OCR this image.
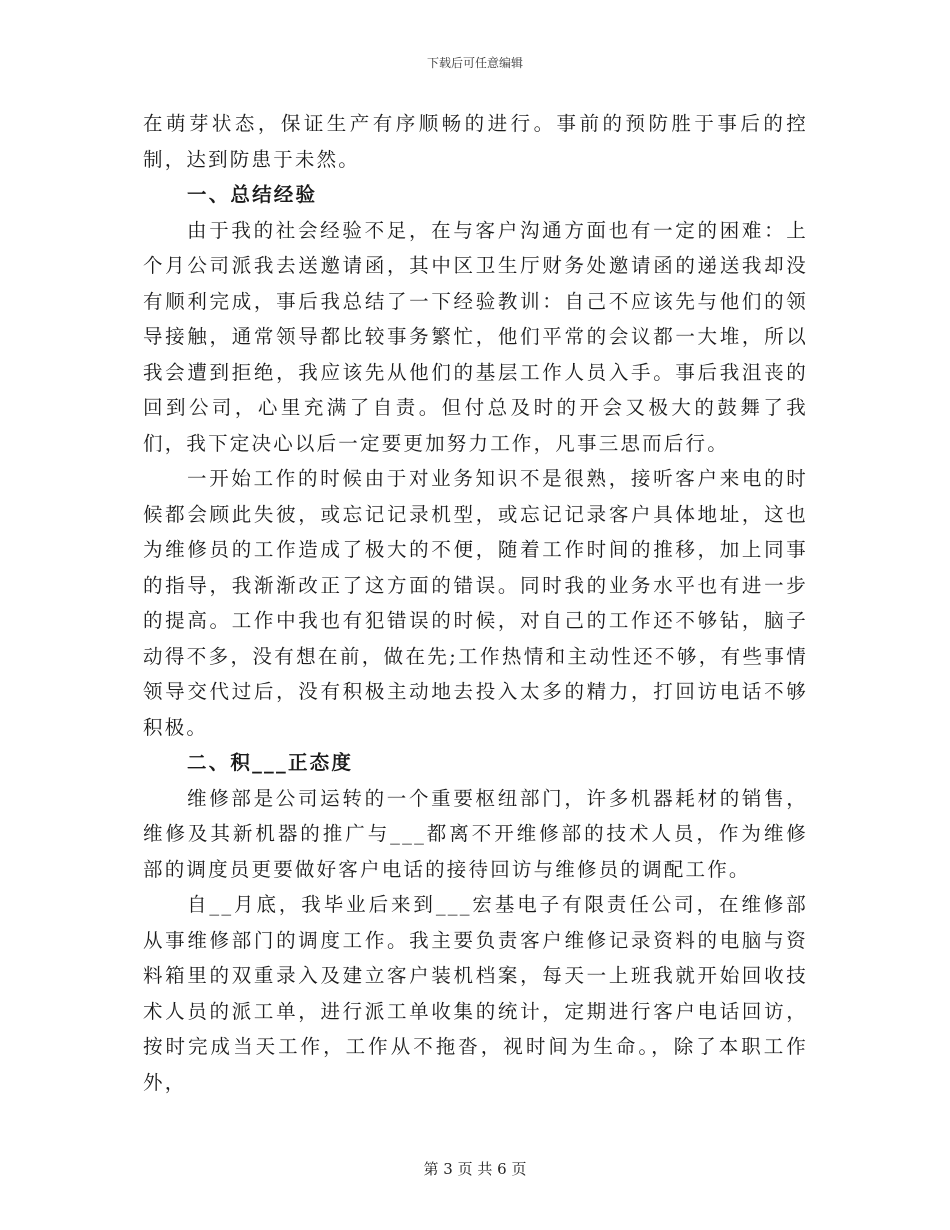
下载后可任意编辑

在萌芽状态，保证生产有序顺畅的进行。事前的预防胜于事后的控制，达到防患于未然。

一、总结经验

由于我的社会经验不足，在与客户沟通方面也有一定的困难：上个月公司派我去送邀请函，其中区卫生厅财务处邀请函的递送我却没有顺利完成，事后我总结了一下经验教训：自己不应该先与他们的领导接触，通常领导都比较事务繁忙，他们平常的会议都一大堆，所以我会遭到拒绝，我应该先从他们的基层工作人员入手。事后我沮丧的回到公司，心里充满了自责。但付总及时的开会又极大的鼓舞了我们，我下定决心以后一定要更加努力工作，凡事三思而后行。

一开始工作的时候由于对业务知识不是很熟，接听客户来电的时候都会顾此失彼，或忘记记录机型，或忘记记录客户具体地址，这也为维修员的工作造成了极大的不便，随着工作时间的推移，加上同事的指导，我渐渐改正了这方面的错误。同时我的业务水平也有进一步的提高。工作中我也有犯错误的时候，对自己的工作还不够钻，脑子动得不多，没有想在前，做在先;工作热情和主动性还不够，有些事情领导交代过后，没有积极主动地去投入太多的精力，打回访电话不够积极。

二、积___正态度

维修部是公司运转的一个重要枢纽部门，许多机器耗材的销售，维修及其新机器的推广与___都离不开维修部的技术人员，作为维修部的调度员更要做好客户电话的接待回访与维修员的调配工作。

自__月底，我毕业后来到___宏基电子有限责任公司，在维修部从事维修部门的调度工作。我主要负责客户维修记录资料的电脑与资料箱里的双重录入及建立客户装机档案，每天一上班我就开始回收技术人员的派工单，进行派工单收集的统计，定期进行客户电话回访，按时完成当天工作，工作从不拖沓，视时间为生命。，除了本职工作外，

第 3 页 共 6 页
